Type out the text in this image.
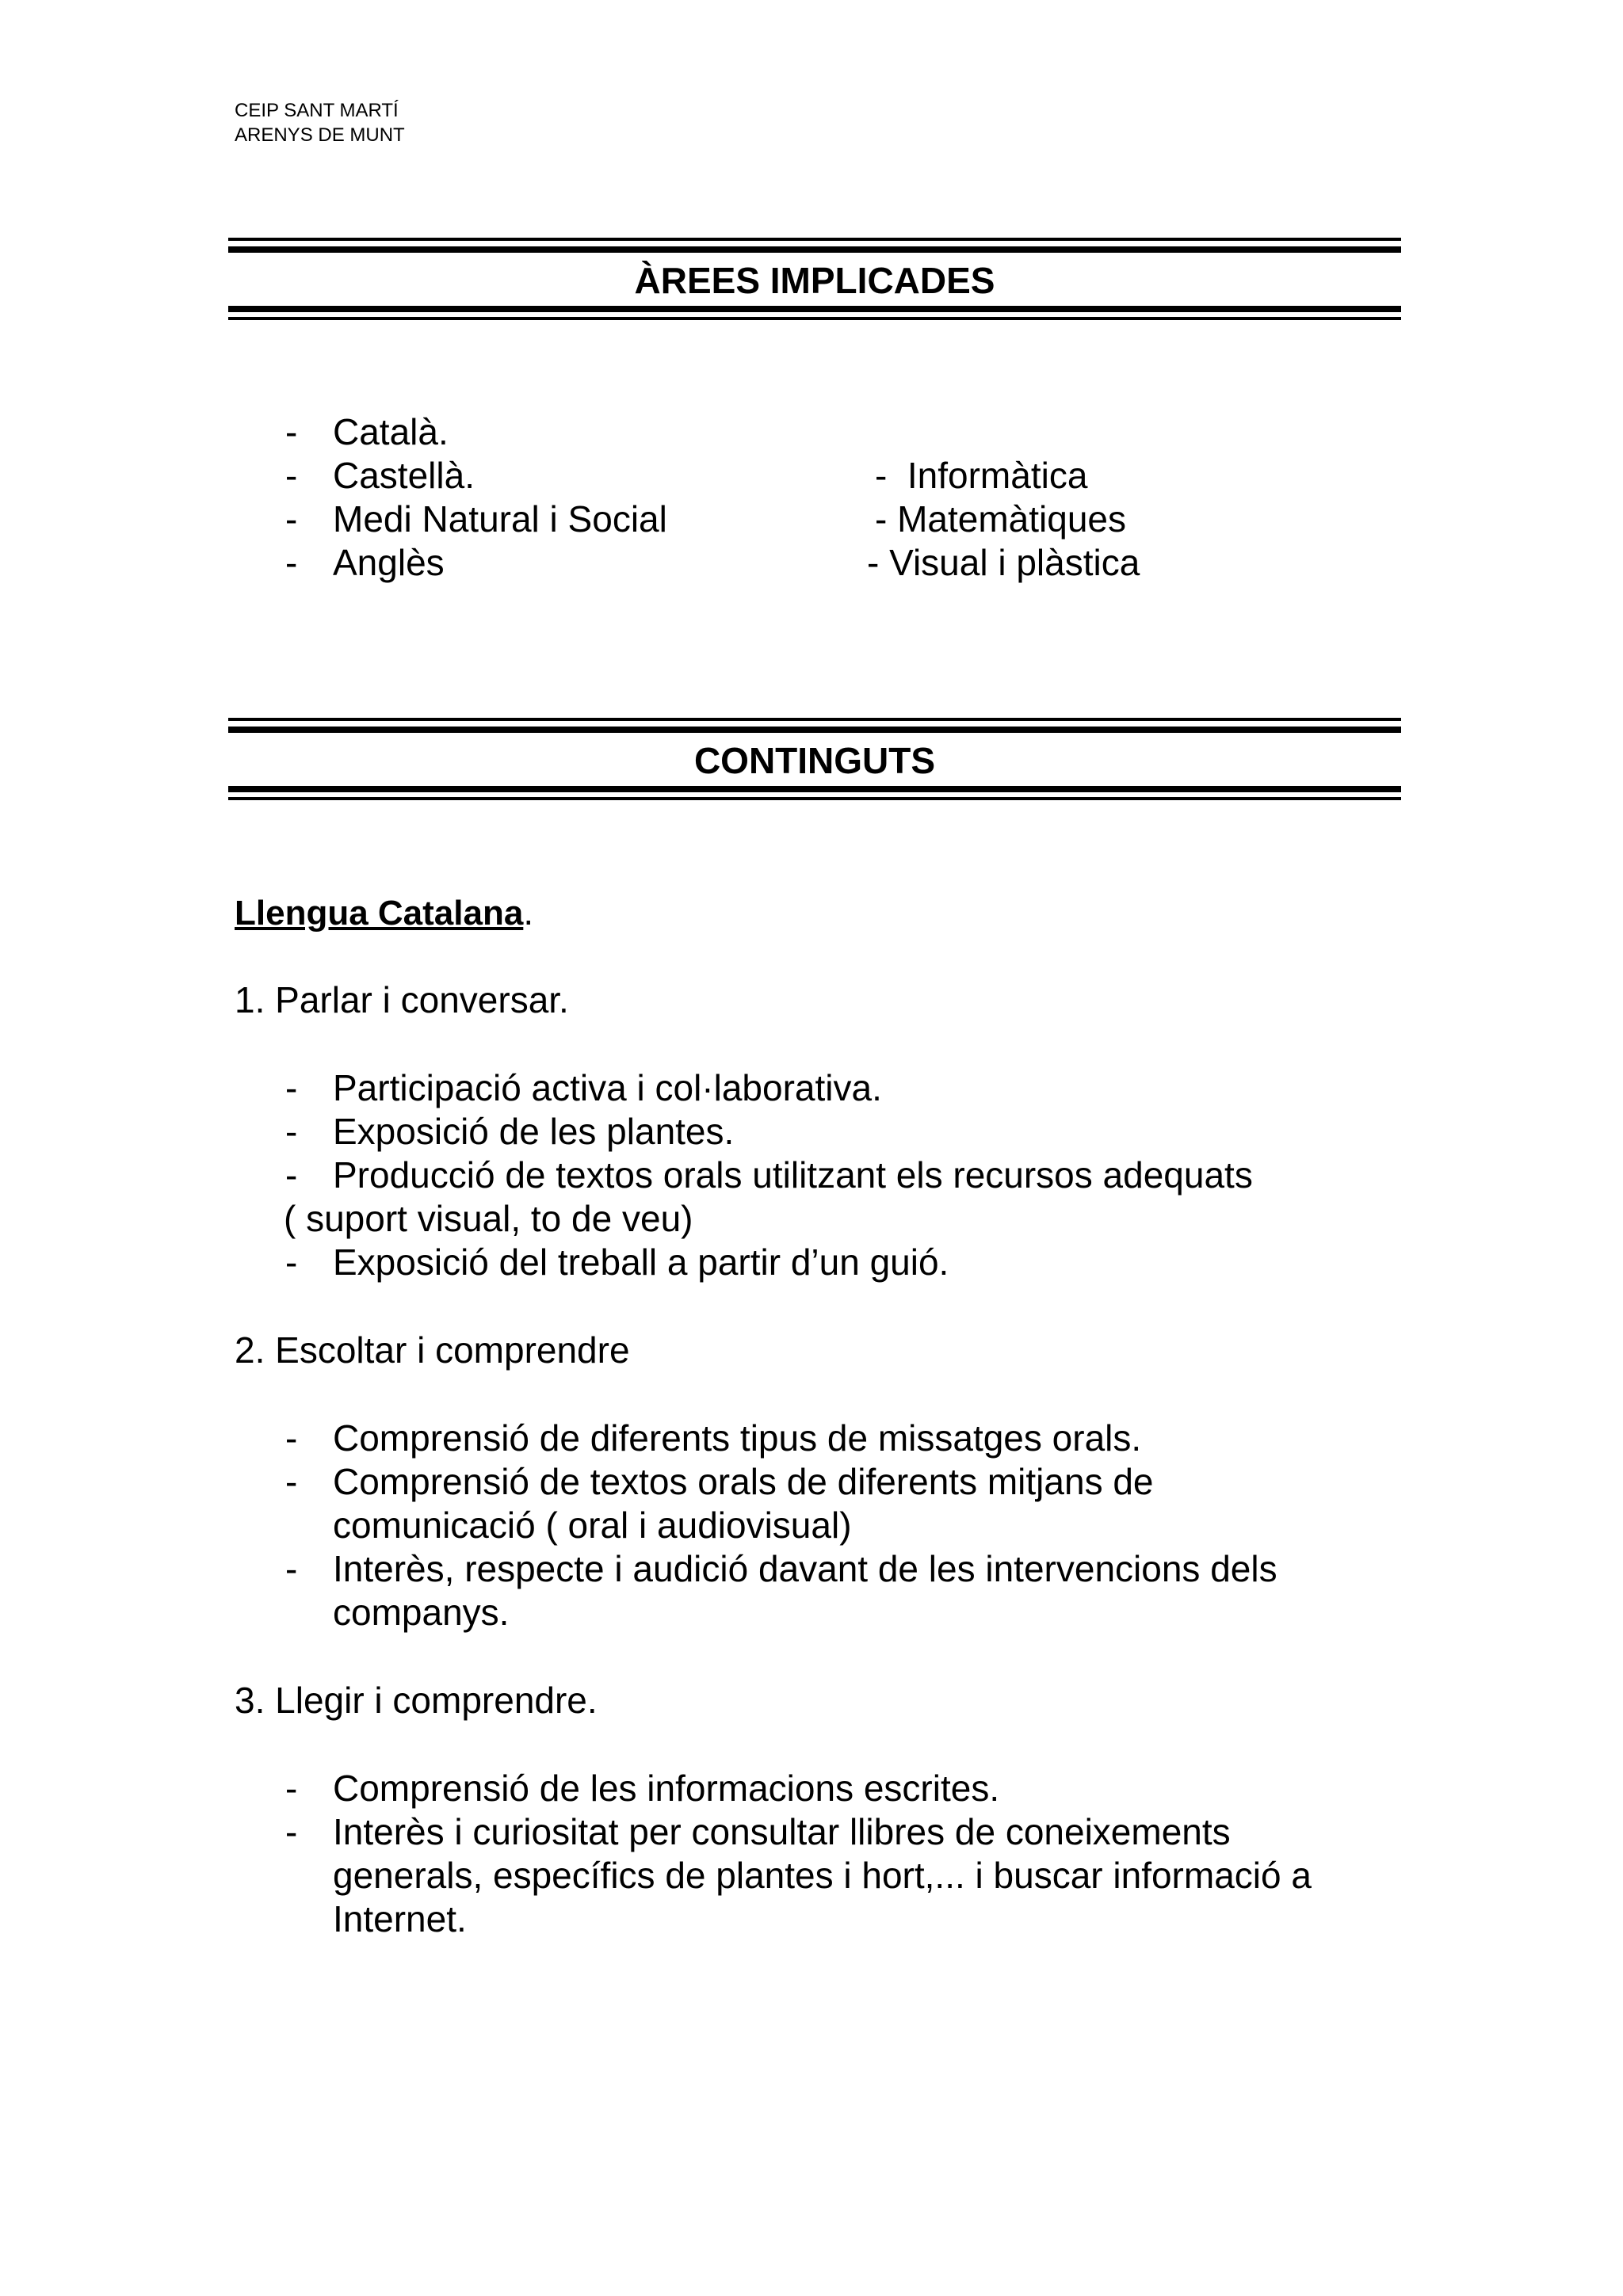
CEIP SANT MARTÍ

ARENYS DE MUNT

ÀREES IMPLICADES
- Català.
- Castellà.
- Medi Natural i Social
- Anglès
-  Informàtica
- Matemàtiques
- Visual i plàstica
CONTINGUTS

Llengua Catalana.

1. Parlar i conversar.

- Participació activa i col·laborativa.
- Exposició de les plantes.
- Producció de textos orals utilitzant els recursos adequats
( suport visual, to de veu)
- Exposició del treball a partir d’un guió.

2. Escoltar i comprendre

- Comprensió de diferents tipus de missatges orals.
- Comprensió de textos orals de diferents mitjans de
comunicació ( oral i audiovisual)
- Interès, respecte i audició davant de les intervencions dels
companys.

3. Llegir i comprendre.

- Comprensió de les informacions escrites.
- Interès i curiositat per consultar llibres de coneixements
generals, específics de plantes i hort,... i buscar informació a
Internet.
